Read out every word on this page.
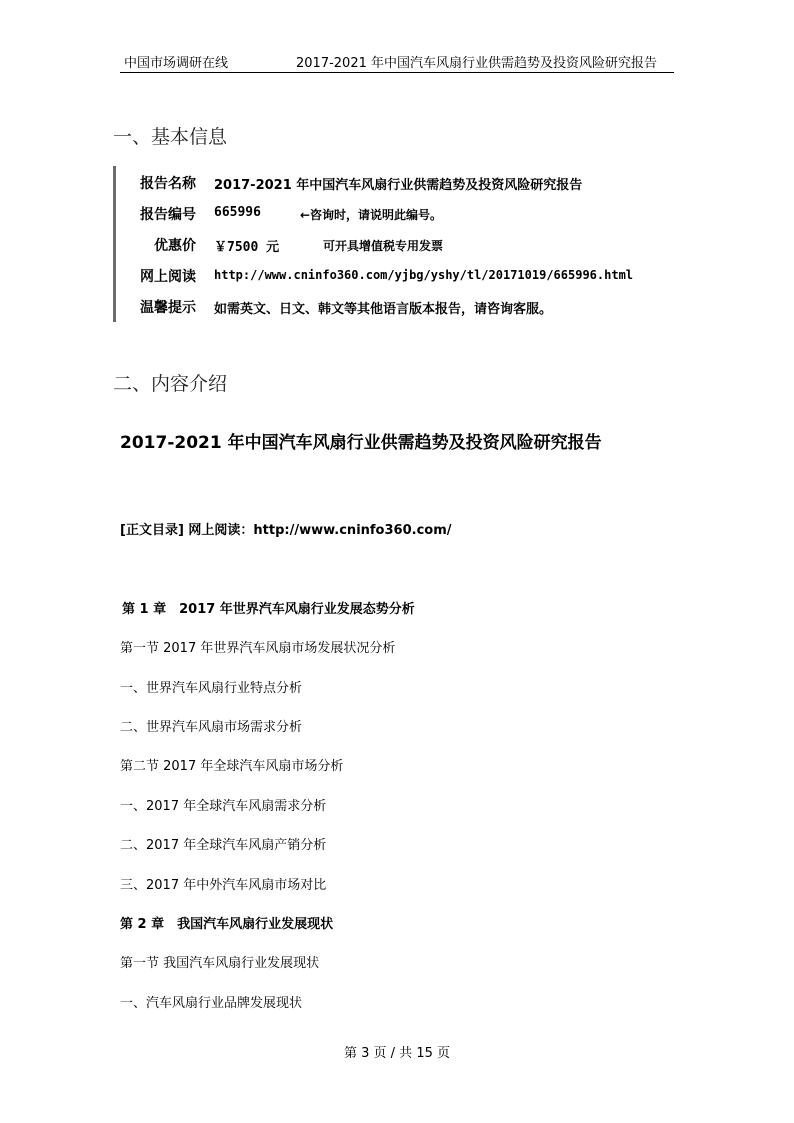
中国市场调研在线	2017-2021 年中国汽车风扇行业供需趋势及投资风险研究报告
一、基本信息
报告名称 2017-2021 年中国汽车风扇行业供需趋势及投资风险研究报告
报告编号 665996	←咨询时，请说明此编号。
优惠价 ￥7500 元	可开具增值税专用发票
网上阅读 http://www.cninfo360.com/yjbg/yshy/tl/20171019/665996.html
温馨提示 如需英文、日文、韩文等其他语言版本报告，请咨询客服。
二、内容介绍
2017-2021 年中国汽车风扇行业供需趋势及投资风险研究报告
[正文目录] 网上阅读：http://www.cninfo360.com/
第 1 章　2017 年世界汽车风扇行业发展态势分析
第一节 2017 年世界汽车风扇市场发展状况分析
一、世界汽车风扇行业特点分析
二、世界汽车风扇市场需求分析
第二节 2017 年全球汽车风扇市场分析
一、2017 年全球汽车风扇需求分析
二、2017 年全球汽车风扇产销分析
三、2017 年中外汽车风扇市场对比
第 2 章　我国汽车风扇行业发展现状
第一节 我国汽车风扇行业发展现状
一、汽车风扇行业品牌发展现状
第 3 页 / 共 15 页
